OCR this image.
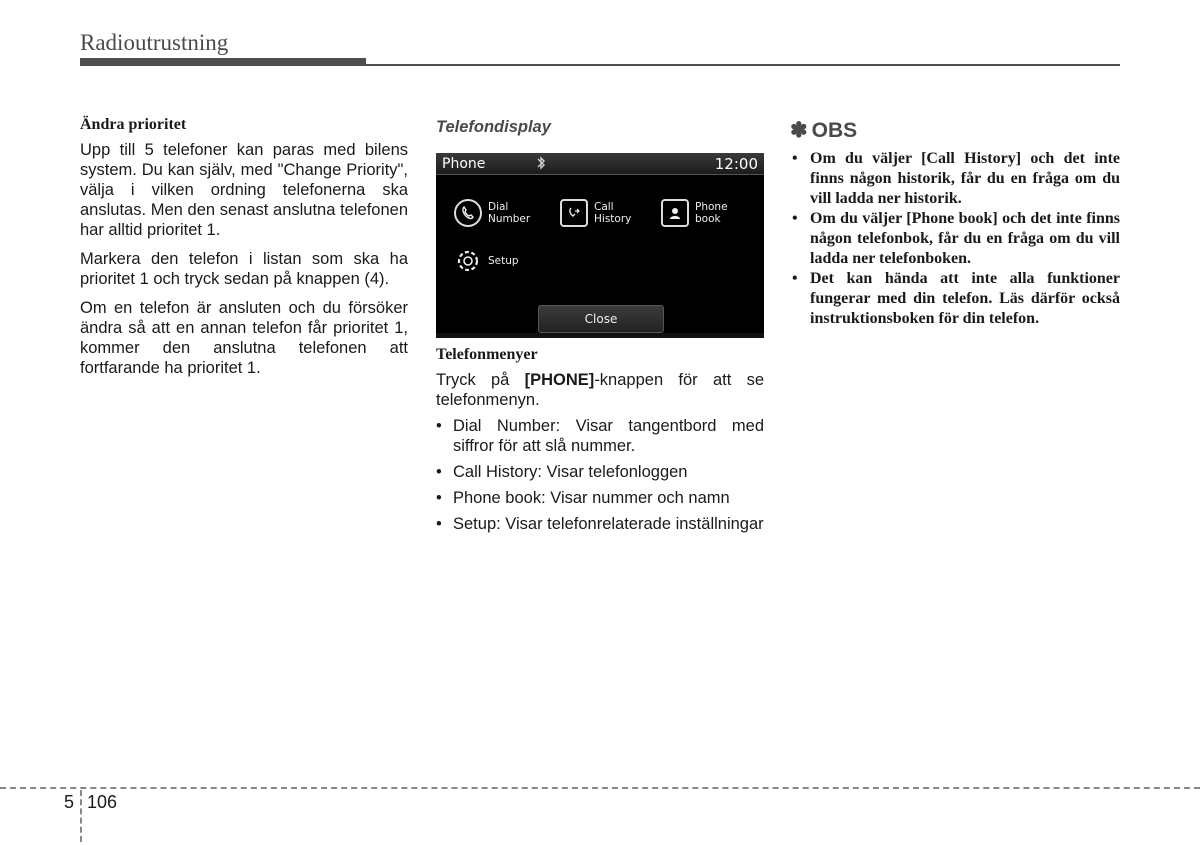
Radioutrustning
Ändra prioritet

Upp till 5 telefoner kan paras med bilens system. Du kan själv, med "Change Priority", välja i vilken ordning telefonerna ska anslutas. Men den senast anslutna telefonen har alltid prioritet 1.

Markera den telefon i listan som ska ha prioritet 1 och tryck sedan på knappen (4).

Om en telefon är ansluten och du försöker ändra så att en annan telefon får prioritet 1, kommer den anslutna telefonen att fortfarande ha prioritet 1.

Telefondisplay
Phone	12:00
Dial
Number
Call
History
Phone
book
Setup
Close
Telefonmenyer

Tryck på [PHONE]-knappen för att se telefonmenyn.

• Dial Number: Visar tangentbord med siffror för att slå nummer.
• Call History: Visar telefonloggen
• Phone book: Visar nummer och namn
• Setup: Visar telefonrelaterade inställningar
✽ OBS
• Om du väljer [Call History] och det inte finns någon historik, får du en fråga om du vill ladda ner historik.
• Om du väljer [Phone book] och det inte finns någon telefonbok, får du en fråga om du vill ladda ner telefonboken.
• Det kan hända att inte alla funktioner fungerar med din telefon. Läs därför också instruktionsboken för din telefon.
5 106
